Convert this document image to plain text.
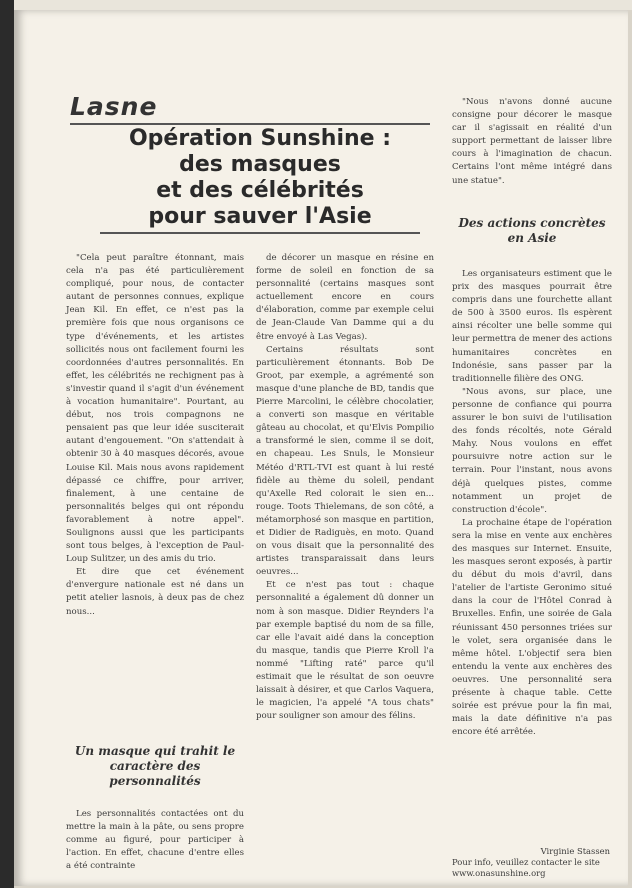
Lasne
Opération Sunshine :
des masques
et des célébrités
pour sauver l'Asie

"Cela peut paraître étonnant, mais cela n'a pas été particulièrement compliqué, pour nous, de contacter autant de personnes connues, explique Jean Kil. En effet, ce n'est pas la première fois que nous organisons ce type d'événements, et les artistes sollicités nous ont facilement fourni les coordonnées d'autres personnalités. En effet, les célébrités ne rechignent pas à s'investir quand il s'agit d'un événement à vocation humanitaire". Pourtant, au début, nos trois compagnons ne pensaient pas que leur idée susciterait autant d'engouement. "On s'attendait à obtenir 30 à 40 masques décorés, avoue Louise Kil. Mais nous avons rapidement dépassé ce chiffre, pour arriver, finalement, à une centaine de personnalités belges qui ont répondu favorablement à notre appel". Soulignons aussi que les participants sont tous belges, à l'exception de Paul-Loup Sulitzer, un des amis du trio.

Et dire que cet événement d'envergure nationale est né dans un petit atelier lasnois, à deux pas de chez nous...

Un masque qui trahit le caractère des personnalités

Les personnalités contactées ont du mettre la main à la pâte, ou sens propre comme au figuré, pour participer à l'action. En effet, chacune d'entre elles a été contrainte

de décorer un masque en résine en forme de soleil en fonction de sa personnalité (certains masques sont actuellement encore en cours d'élaboration, comme par exemple celui de Jean-Claude Van Damme qui a du être envoyé à Las Vegas).

Certains résultats sont particulièrement étonnants. Bob De Groot, par exemple, a agrémenté son masque d'une planche de BD, tandis que Pierre Marcolini, le célèbre chocolatier, a converti son masque en véritable gâteau au chocolat, et qu'Elvis Pompilio a transformé le sien, comme il se doit, en chapeau. Les Snuls, le Monsieur Météo d'RTL-TVI est quant à lui resté fidèle au thème du soleil, pendant qu'Axelle Red colorait le sien en... rouge. Toots Thielemans, de son côté, a métamorphosé son masque en partition, et Didier de Radiguès, en moto. Quand on vous disait que la personnalité des artistes transparaissait dans leurs oeuvres...

Et ce n'est pas tout : chaque personnalité a également dû donner un nom à son masque. Didier Reynders l'a par exemple baptisé du nom de sa fille, car elle l'avait aidé dans la conception du masque, tandis que Pierre Kroll l'a nommé "Lifting raté" parce qu'il estimait que le résultat de son oeuvre laissait à désirer, et que Carlos Vaquera, le magicien, l'a appelé "A tous chats" pour souligner son amour des félins.

"Nous n'avons donné aucune consigne pour décorer le masque car il s'agissait en réalité d'un support permettant de laisser libre cours à l'imagination de chacun. Certains l'ont même intégré dans une statue".

Des actions concrètes en Asie

Les organisateurs estiment que le prix des masques pourrait être compris dans une fourchette allant de 500 à 3500 euros. Ils espèrent ainsi récolter une belle somme qui leur permettra de mener des actions humanitaires concrètes en Indonésie, sans passer par la traditionnelle filière des ONG.

"Nous avons, sur place, une personne de confiance qui pourra assurer le bon suivi de l'utilisation des fonds récoltés, note Gérald Mahy. Nous voulons en effet poursuivre notre action sur le terrain. Pour l'instant, nous avons déjà quelques pistes, comme notamment un projet de construction d'école".

La prochaine étape de l'opération sera la mise en vente aux enchères des masques sur Internet. Ensuite, les masques seront exposés, à partir du début du mois d'avril, dans l'atelier de l'artiste Geronimo situé dans la cour de l'Hôtel Conrad à Bruxelles. Enfin, une soirée de Gala réunissant 450 personnes triées sur le volet, sera organisée dans le même hôtel. L'objectif sera bien entendu la vente aux enchères des oeuvres. Une personnalité sera présente à chaque table. Cette soirée est prévue pour la fin mai, mais la date définitive n'a pas encore été arrêtée.

Virginie Stassen
Pour info, veuillez contacter le site www.onasunshine.org
